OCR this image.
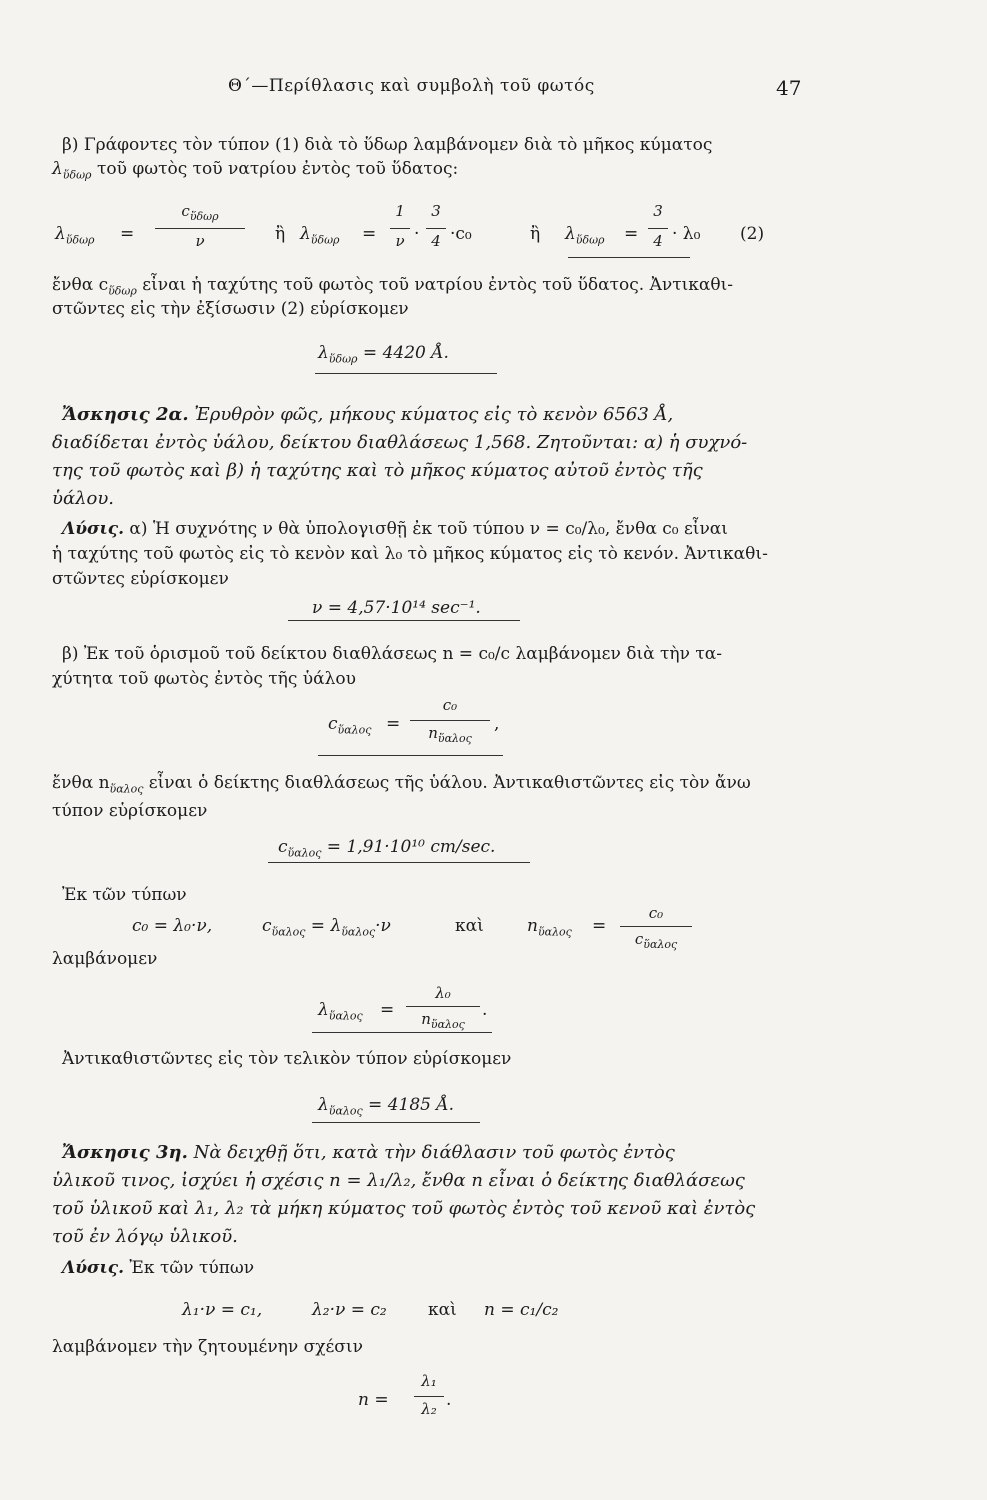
Θ΄—Περίθλασις καὶ συμβολὴ τοῦ φωτός	47
β) Γράφοντες τὸν τύπον (1) διὰ τὸ ὕδωρ λαμβάνομεν διὰ τὸ μῆκος κύματος
$\lambda_{ὕ\delta\omega\rho}$ τοῦ φωτὸς τοῦ νατρίου ἐντὸς τοῦ ὕδατος:
$\lambda_{ὕ\delta\omega\rho}$ =
$c_{ὕ\delta\omega\rho}$
ν	ἢ $\lambda_{ὕ\delta\omega\rho}$ =
1
ν ·
3
4 ·c₀	ἢ $\lambda_{ὕ\delta\omega\rho}$ =
3
4 · λ₀ (2)
ἔνθα $c_{ὕ\delta\omega\rho}$ εἶναι ἡ ταχύτης τοῦ φωτὸς τοῦ νατρίου ἐντὸς τοῦ ὕδατος. Ἀντικαθι-
στῶντες εἰς τὴν ἐξίσωσιν (2) εὑρίσκομεν
$\lambda_{ὕ\delta\omega\rho} = 4420$ Å.
Ἄσκησις 2α. Ἐρυθρὸν φῶς, μήκους κύματος εἰς τὸ κενὸν 6563 Å,
διαδίδεται ἐντὸς ὑάλου, δείκτου διαθλάσεως 1,568. Ζητοῦνται: α) ἡ συχνό-
της τοῦ φωτὸς καὶ β) ἡ ταχύτης καὶ τὸ μῆκος κύματος αὐτοῦ ἐντὸς τῆς
ὑάλου.
Λύσις. α) Ἡ συχνότης ν θὰ ὑπολογισθῇ ἐκ τοῦ τύπου ν = c₀/λ₀, ἔνθα c₀ εἶναι
ἡ ταχύτης τοῦ φωτὸς εἰς τὸ κενὸν καὶ λ₀ τὸ μῆκος κύματος εἰς τὸ κενόν. Ἀντικαθι-
στῶντες εὑρίσκομεν
ν = 4,57·10¹⁴ sec⁻¹.
β) Ἐκ τοῦ ὁρισμοῦ τοῦ δείκτου διαθλάσεως n = c₀/c λαμβάνομεν διὰ τὴν τα-
χύτητα τοῦ φωτὸς ἐντὸς τῆς ὑάλου
$c_{ὕ\alpha\lambda o\varsigma}$ =
c₀
$n_{ὕ\alpha\lambda o\varsigma}$
,
ἔνθα $n_{ὕ\alpha\lambda o\varsigma}$ εἶναι ὁ δείκτης διαθλάσεως τῆς ὑάλου. Ἀντικαθιστῶντες εἰς τὸν ἄνω
τύπον εὑρίσκομεν
$c_{ὕ\alpha\lambda o\varsigma} = 1,91\cdot 10^{10}$ cm/sec.
Ἐκ τῶν τύπων
c₀ = λ₀·ν,	$c_{ὕ\alpha\lambda o\varsigma} = \lambda_{ὕ\alpha\lambda o\varsigma}\cdot\nu$	καὶ	$n_{ὕ\alpha\lambda o\varsigma}$ =
c₀
$c_{ὕ\alpha\lambda o\varsigma}$
λαμβάνομεν
$\lambda_{ὕ\alpha\lambda o\varsigma}$ =
λ₀
$n_{ὕ\alpha\lambda o\varsigma}$
.
Ἀντικαθιστῶντες εἰς τὸν τελικὸν τύπον εὑρίσκομεν
$\lambda_{ὕ\alpha\lambda o\varsigma} = 4185$ Å.
Ἄσκησις 3η. Νὰ δειχθῇ ὅτι, κατὰ τὴν διάθλασιν τοῦ φωτὸς ἐντὸς
ὑλικοῦ τινος, ἰσχύει ἡ σχέσις n = λ₁/λ₂, ἔνθα n εἶναι ὁ δείκτης διαθλάσεως
τοῦ ὑλικοῦ καὶ λ₁, λ₂ τὰ μήκη κύματος τοῦ φωτὸς ἐντὸς τοῦ κενοῦ καὶ ἐντὸς
τοῦ ἐν λόγῳ ὑλικοῦ.
Λύσις. Ἐκ τῶν τύπων
λ₁·ν = c₁,	λ₂·ν = c₂ καὶ n = c₁/c₂
λαμβάνομεν τὴν ζητουμένην σχέσιν
n =
λ₁
λ₂ .
